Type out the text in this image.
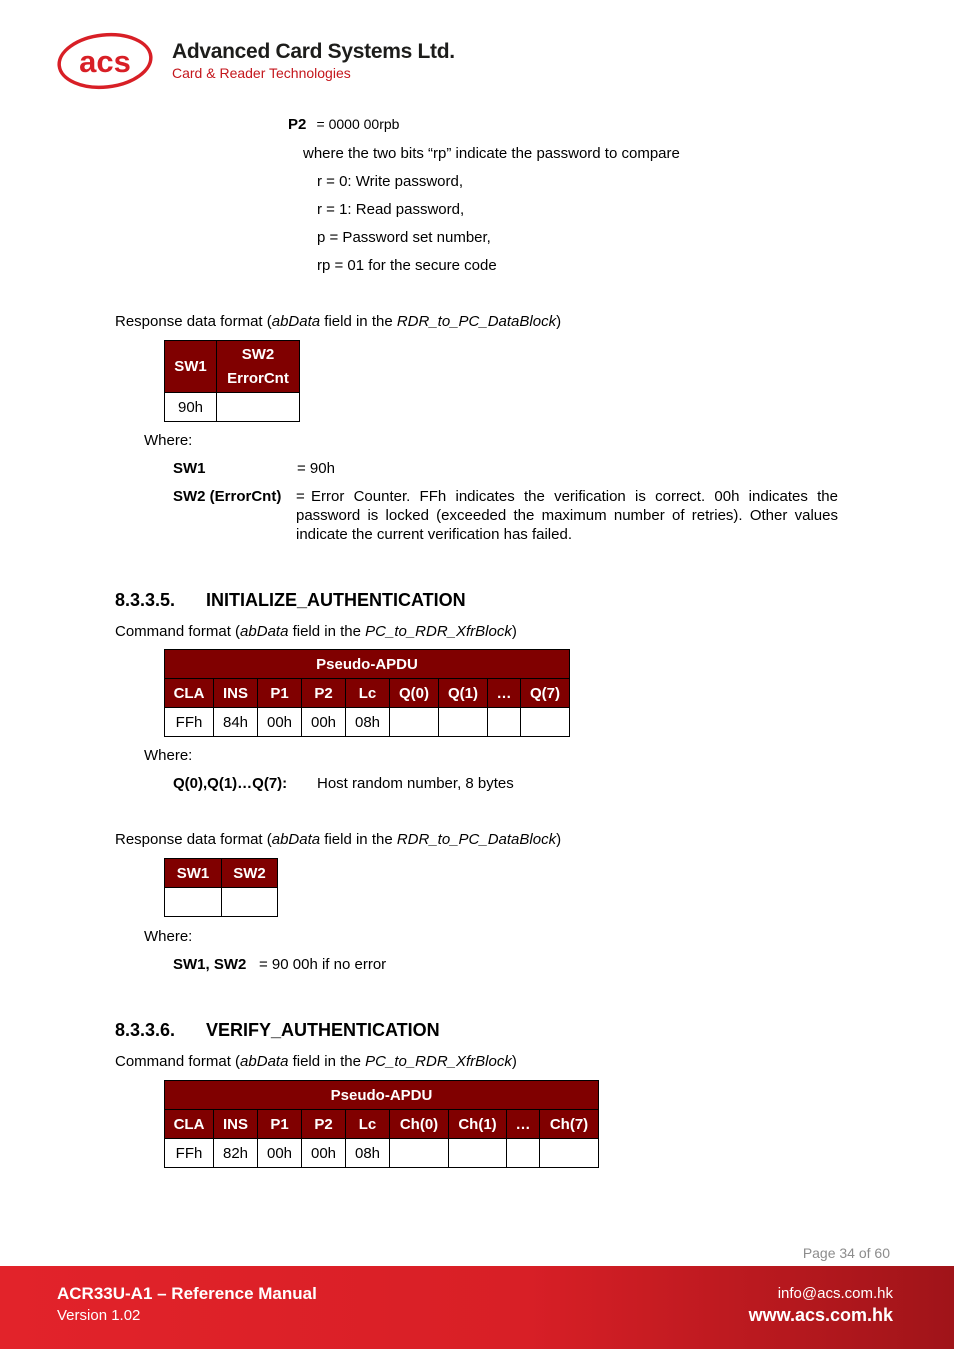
acs Advanced Card Systems Ltd.
Card & Reader Technologies
P2 = 0000 00rpb
where the two bits “rp” indicate the password to compare
r = 0: Write password,
r = 1: Read password,
p = Password set number,
rp = 01 for the secure code
Response data format (abData field in the RDR_to_PC_DataBlock)
SW1	SW2
ErrorCnt
90h	
Where:
SW1	= 90h
SW2 (ErrorCnt) = Error Counter. FFh indicates the verification is correct. 00h indicates the password is locked (exceeded the maximum number of retries). Other values indicate the current verification has failed.
8.3.3.5. INITIALIZE_AUTHENTICATION
Command format (abData field in the PC_to_RDR_XfrBlock)
Pseudo-APDU								
CLA	INS	P1	P2	Lc	Q(0)	Q(1)	…	Q(7)
FFh	84h	00h	00h	08h				
Where:
Q(0),Q(1)…Q(7): Host random number, 8 bytes
Response data format (abData field in the RDR_to_PC_DataBlock)
SW1	SW2

Where:
SW1, SW2 = 90 00h if no error
8.3.3.6. VERIFY_AUTHENTICATION
Command format (abData field in the PC_to_RDR_XfrBlock)
Pseudo-APDU								
CLA	INS	P1	P2	Lc	Ch(0)	Ch(1)	…	Ch(7)
FFh	82h	00h	00h	08h				
Page 34 of 60
ACR33U-A1 – Reference Manual
Version 1.02
info@acs.com.hk
www.acs.com.hk
